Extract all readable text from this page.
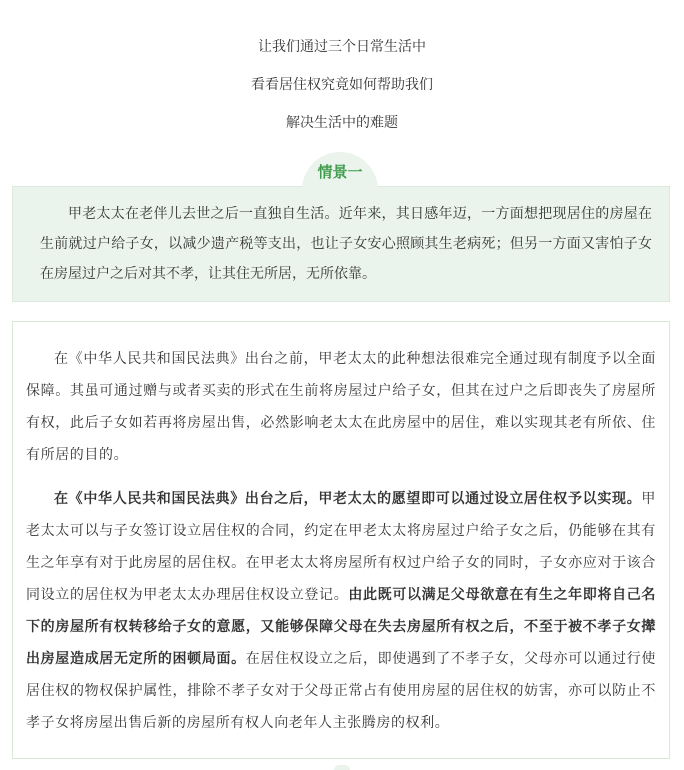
让我们通过三个日常生活中
看看居住权究竟如何帮助我们
解决生活中的难题

甲老太太在老伴儿去世之后一直独自生活。近年来，其日感年迈，一方面想把现居住的房屋在生前就过户给子女，以减少遗产税等支出，也让子女安心照顾其生老病死；但另一方面又害怕子女在房屋过户之后对其不孝，让其住无所居，无所依靠。

情景一

在《中华人民共和国民法典》出台之前，甲老太太的此种想法很难完全通过现有制度予以全面保障。其虽可通过赠与或者买卖的形式在生前将房屋过户给子女，但其在过户之后即丧失了房屋所有权，此后子女如若再将房屋出售，必然影响老太太在此房屋中的居住，难以实现其老有所依、住有所居的目的。

在《中华人民共和国民法典》出台之后，甲老太太的愿望即可以通过设立居住权予以实现。甲老太太可以与子女签订设立居住权的合同，约定在甲老太太将房屋过户给子女之后，仍能够在其有生之年享有对于此房屋的居住权。在甲老太太将房屋所有权过户给子女的同时，子女亦应对于该合同设立的居住权为甲老太太办理居住权设立登记。由此既可以满足父母欲意在有生之年即将自己名下的房屋所有权转移给子女的意愿，又能够保障父母在失去房屋所有权之后，不至于被不孝子女撵出房屋造成居无定所的困顿局面。在居住权设立之后，即使遇到了不孝子女，父母亦可以通过行使居住权的物权保护属性，排除不孝子女对于父母正常占有使用房屋的居住权的妨害，亦可以防止不孝子女将房屋出售后新的房屋所有权人向老年人主张腾房的权利。
